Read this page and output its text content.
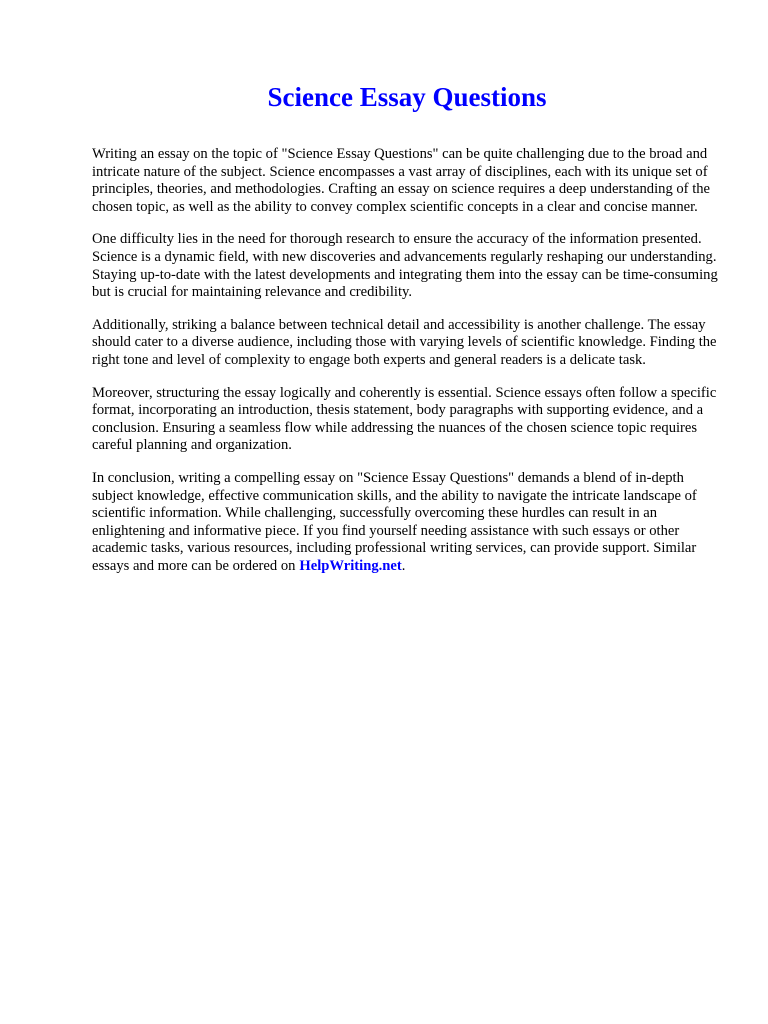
Science Essay Questions

Writing an essay on the topic of "Science Essay Questions" can be quite challenging due to the broad and intricate nature of the subject. Science encompasses a vast array of disciplines, each with its unique set of principles, theories, and methodologies. Crafting an essay on science requires a deep understanding of the chosen topic, as well as the ability to convey complex scientific concepts in a clear and concise manner.

One difficulty lies in the need for thorough research to ensure the accuracy of the information presented. Science is a dynamic field, with new discoveries and advancements regularly reshaping our understanding. Staying up-to-date with the latest developments and integrating them into the essay can be time-consuming but is crucial for maintaining relevance and credibility.

Additionally, striking a balance between technical detail and accessibility is another challenge. The essay should cater to a diverse audience, including those with varying levels of scientific knowledge. Finding the right tone and level of complexity to engage both experts and general readers is a delicate task.

Moreover, structuring the essay logically and coherently is essential. Science essays often follow a specific format, incorporating an introduction, thesis statement, body paragraphs with supporting evidence, and a conclusion. Ensuring a seamless flow while addressing the nuances of the chosen science topic requires careful planning and organization.

In conclusion, writing a compelling essay on "Science Essay Questions" demands a blend of in-depth subject knowledge, effective communication skills, and the ability to navigate the intricate landscape of scientific information. While challenging, successfully overcoming these hurdles can result in an enlightening and informative piece. If you find yourself needing assistance with such essays or other academic tasks, various resources, including professional writing services, can provide support. Similar essays and more can be ordered on HelpWriting.net.
